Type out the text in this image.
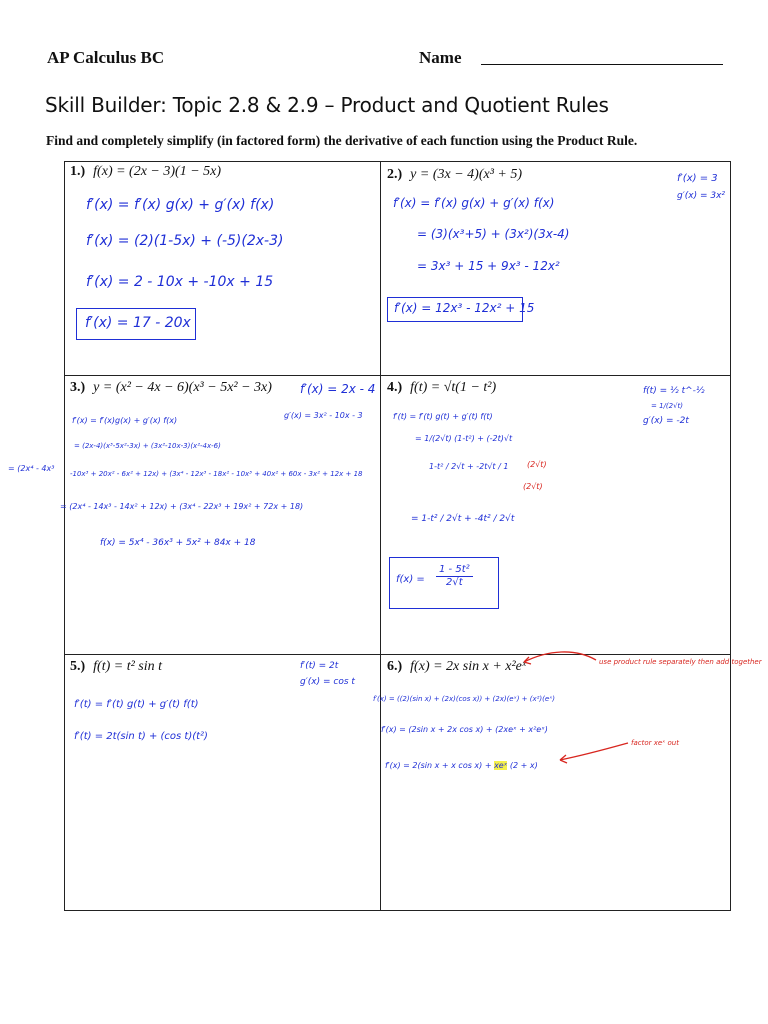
AP Calculus BC	Name
Skill Builder: Topic 2.8 & 2.9 – Product and Quotient Rules
Find and completely simplify (in factored form) the derivative of each function using the Product Rule.
1.) f(x) = (2x − 3)(1 − 5x)
f′(x) = f′(x) g(x) + g′(x) f(x)
f′(x) = (2)(1-5x) + (-5)(2x-3)
f′(x) = 2 - 10x + -10x + 15
f′(x) = 17 - 20x
2.) y = (3x − 4)(x³ + 5)	f′(x) = 3
g′(x) = 3x²
f′(x) = f′(x) g(x) + g′(x) f(x)
= (3)(x³+5) + (3x²)(3x-4)
= 3x³ + 15 + 9x³ - 12x²
f′(x) = 12x³ - 12x² + 15
3.) y = (x² − 4x − 6)(x³ − 5x² − 3x) f′(x) = 2x - 4
g′(x) = 3x² - 10x - 3
f′(x) = f′(x)g(x) + g′(x) f(x)
= (2x-4)(x³-5x²-3x) + (3x²-10x-3)(x²-4x-6)
= (2x⁴ - 4x³
-10x³ + 20x² - 6x² + 12x) + (3x⁴ - 12x³ - 18x² - 10x³ + 40x² + 60x - 3x² + 12x + 18
= (2x⁴ - 14x³ - 14x² + 12x) + (3x⁴ - 22x³ + 19x² + 72x + 18)
f(x) = 5x⁴ - 36x³ + 5x² + 84x + 18
4.) f(t) = √t(1 − t²)	f(t) = ½ t^-½
= 1/(2√t)
g′(x) = -2t
f′(t) = f′(t) g(t) + g′(t) f(t)
= 1/(2√t) (1-t²) + (-2t)√t
1-t² / 2√t + -2t√t / 1 (2√t)
(2√t)
= 1-t² / 2√t + -4t² / 2√t
$f(x) = \frac{\text{1 - 5t²}}{2√t}$
5.) f(t) = t² sin t	f′(t) = 2t
g′(x) = cos t
f′(t) = f′(t) g(t) + g′(t) f(t)
f′(t) = 2t(sin t) + (cos t)(t²)
6.) f(x) = 2x sin x + x²eˣ	use product rule separately then add together
factor xeˣ out
f′(x) = ((2)(sin x) + (2x)(cos x)) + (2x)(eˣ) + (x²)(eˣ)
f′(x) = (2sin x + 2x cos x) + (2xeˣ + x²eˣ)
f′(x) = 2(sin x + x cos x) + xeˣ (2 + x)
